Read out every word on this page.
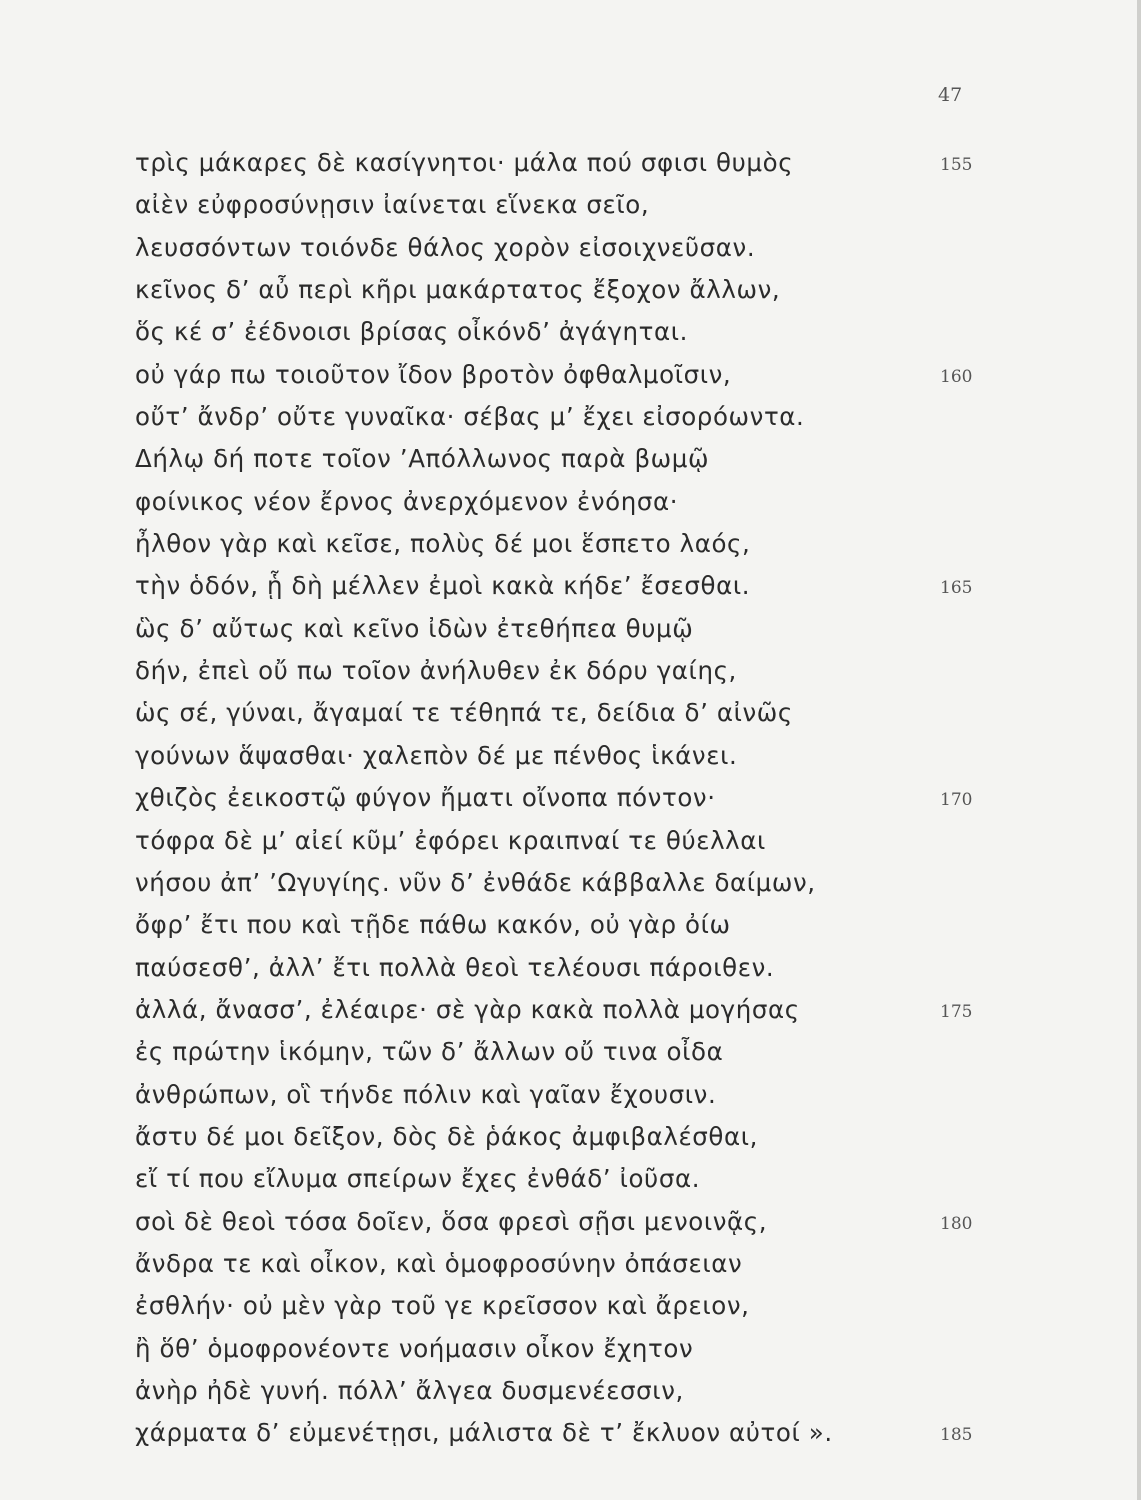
47
τρὶς μάκαρες δὲ κασίγνητοι· μάλα πού σφισι θυμὸς	155
αἰὲν εὐφροσύνῃσιν ἰαίνεται εἵνεκα σεῖο,
λευσσόντων τοιόνδε θάλος χορὸν εἰσοιχνεῦσαν.
κεῖνος δ’ αὖ περὶ κῆρι μακάρτατος ἔξοχον ἄλλων,
ὅς κέ σ’ ἐέδνοισι βρίσας οἶκόνδ’ ἀγάγηται.
οὐ γάρ πω τοιοῦτον ἴδον βροτὸν ὀφθαλμοῖσιν,	160
οὔτ’ ἄνδρ’ οὔτε γυναῖκα· σέβας μ’ ἔχει εἰσορόωντα.
Δήλῳ δή ποτε τοῖον ’Απόλλωνος παρὰ βωμῷ
φοίνικος νέον ἔρνος ἀνερχόμενον ἐνόησα·
ἦλθον γὰρ καὶ κεῖσε, πολὺς δέ μοι ἕσπετο λαός,
τὴν ὁδόν, ᾗ δὴ μέλλεν ἐμοὶ κακὰ κήδε’ ἔσεσθαι.	165
ὣς δ’ αὔτως καὶ κεῖνο ἰδὼν ἐτεθήπεα θυμῷ
δήν, ἐπεὶ οὔ πω τοῖον ἀνήλυθεν ἐκ δόρυ γαίης,
ὡς σέ, γύναι, ἄγαμαί τε τέθηπά τε, δείδια δ’ αἰνῶς
γούνων ἅψασθαι· χαλεπὸν δέ με πένθος ἱκάνει.
χθιζὸς ἐεικοστῷ φύγον ἤματι οἴνοπα πόντον·	170
τόφρα δὲ μ’ αἰεί κῦμ’ ἐφόρει κραιπναί τε θύελλαι
νήσου ἀπ’ ’Ωγυγίης. νῦν δ’ ἐνθάδε κάββαλλε δαίμων,
ὄφρ’ ἔτι που καὶ τῇδε πάθω κακόν, οὐ γὰρ ὀίω
παύσεσθ’, ἀλλ’ ἔτι πολλὰ θεοὶ τελέουσι πάροιθεν.
ἀλλά, ἄνασσ’, ἐλέαιρε· σὲ γὰρ κακὰ πολλὰ μογήσας	175
ἐς πρώτην ἱκόμην, τῶν δ’ ἄλλων οὔ τινα οἶδα
ἀνθρώπων, οἳ τήνδε πόλιν καὶ γαῖαν ἔχουσιν.
ἄστυ δέ μοι δεῖξον, δὸς δὲ ῥάκος ἀμφιβαλέσθαι,
εἴ τί που εἴλυμα σπείρων ἔχες ἐνθάδ’ ἰοῦσα.
σοὶ δὲ θεοὶ τόσα δοῖεν, ὅσα φρεσὶ σῇσι μενοινᾷς,	180
ἄνδρα τε καὶ οἶκον, καὶ ὁμοφροσύνην ὀπάσειαν
ἐσθλήν· οὐ μὲν γὰρ τοῦ γε κρεῖσσον καὶ ἄρειον,
ἢ ὅθ’ ὁμοφρονέοντε νοήμασιν οἶκον ἔχητον
ἀνὴρ ἠδὲ γυνή. πόλλ’ ἄλγεα δυσμενέεσσιν,
χάρματα δ’ εὐμενέτῃσι, μάλιστα δὲ τ’ ἔκλυον αὐτοί ».	185
